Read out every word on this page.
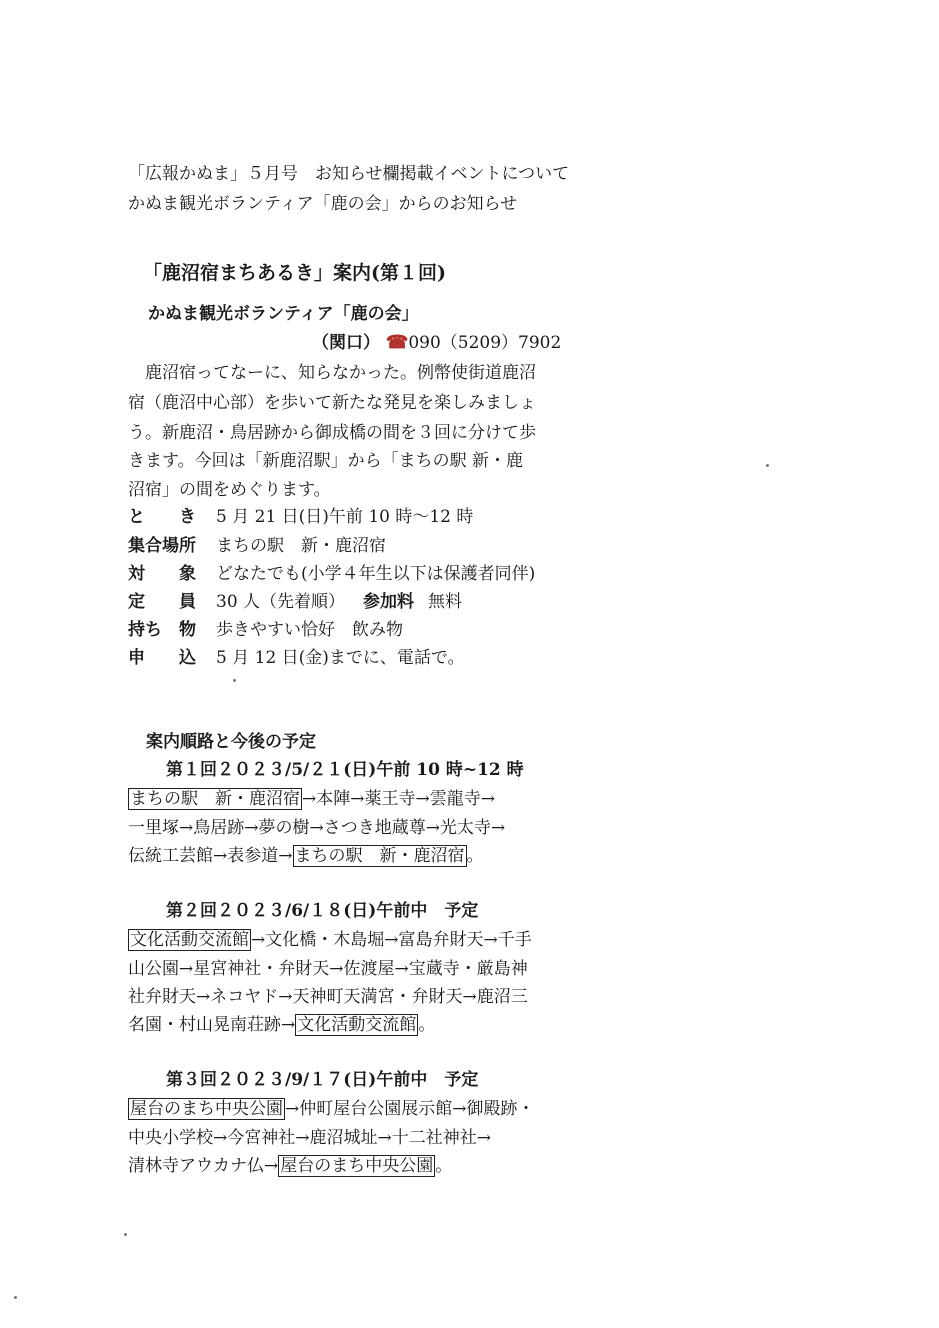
「広報かぬま」５月号　お知らせ欄掲載イベントについて
かぬま観光ボランティア「鹿の会」からのお知らせ
「鹿沼宿まちあるき」案内(第１回)
かぬま観光ボランティア「鹿の会」
（関口） ☎090（5209）7902
　鹿沼宿ってなーに、知らなかった。例幣使街道鹿沼
宿（鹿沼中心部）を歩いて新たな発見を楽しみましょ
う。新鹿沼・鳥居跡から御成橋の間を３回に分けて歩
きます。今回は「新鹿沼駅」から「まちの駅 新・鹿
沼宿」の間をめぐります。
と　　き 5 月 21 日(日)午前 10 時～12 時
集合場所 まちの駅　新・鹿沼宿
対　　象 どなたでも(小学４年生以下は保護者同伴)
定　　員 30 人（先着順） 参加料 無料
持ち　物 歩きやすい恰好　飲み物
申　　込 5 月 12 日(金)までに、電話で。
案内順路と今後の予定
第１回２０２３/5/２１(日)午前 10 時~12 時
まちの駅　新・鹿沼宿 →本陣→薬王寺→雲龍寺→
一里塚→鳥居跡→夢の樹→さつき地蔵尊→光太寺→
伝統工芸館→表参道→ まちの駅　新・鹿沼宿 。
第２回２０２３/6/１８(日)午前中　予定
文化活動交流館 →文化橋・木島堀→富島弁財天→千手
山公園→星宮神社・弁財天→佐渡屋→宝蔵寺・厳島神
社弁財天→ネコヤド→天神町天満宮・弁財天→鹿沼三
名園・村山晃南荘跡→ 文化活動交流館 。
第３回２０２３/9/１７(日)午前中　予定
屋台のまち中央公園 →仲町屋台公園展示館→御殿跡・
中央小学校→今宮神社→鹿沼城址→十二社神社→
清林寺アウカナ仏→ 屋台のまち中央公園 。
